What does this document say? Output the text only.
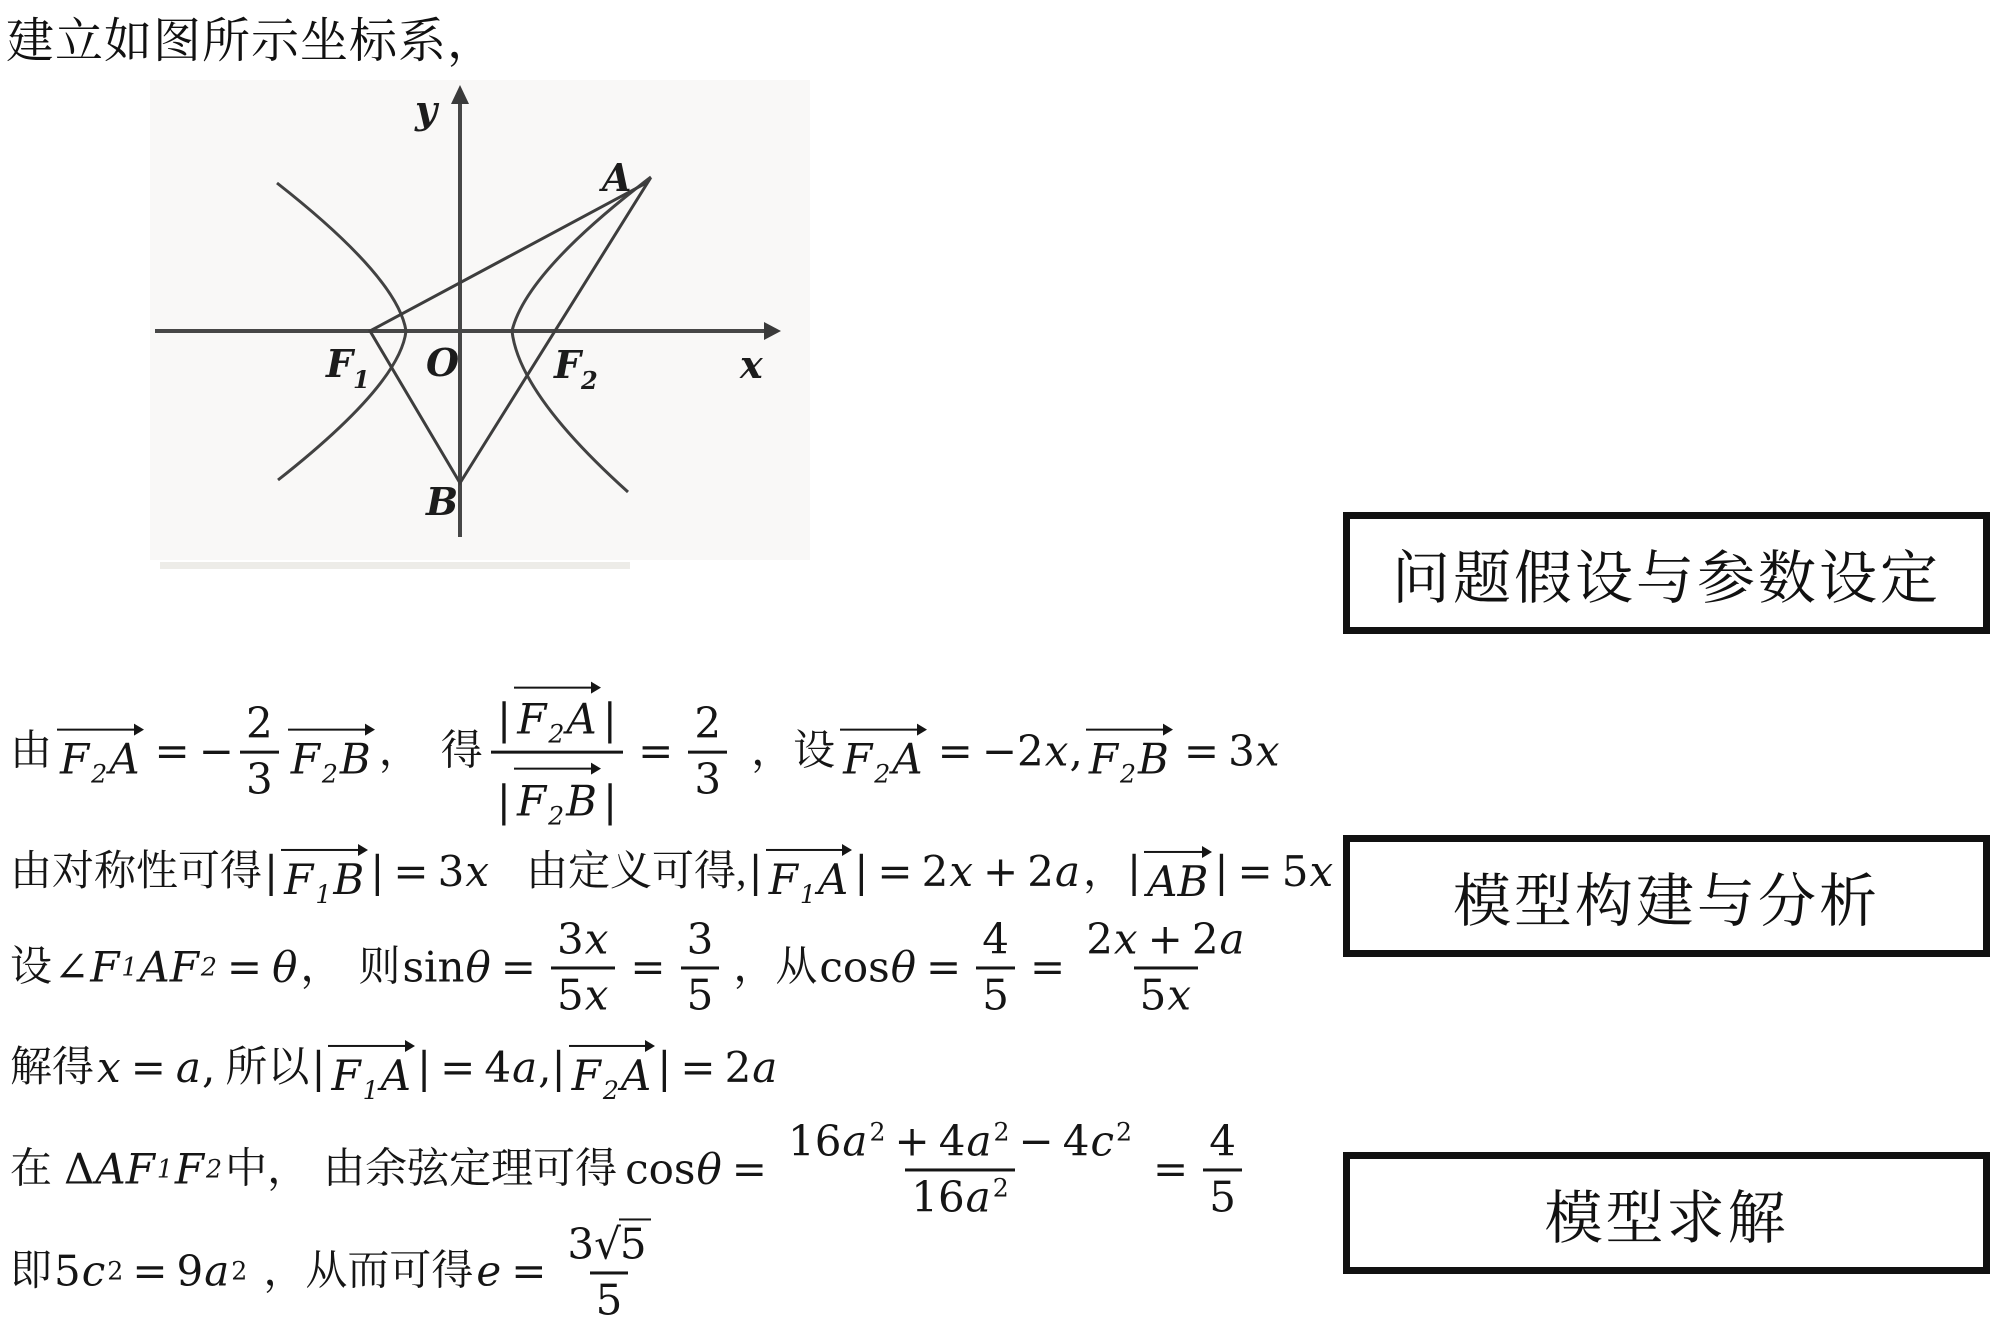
建立如图所示坐标系，
y
x
A
O
B
$F_1$	$F_2$
由 $F_2A$ = − $\frac{2}{3} F_2B$ ， 得 $\frac{| F_2A |}{| F_2B |} = \frac{2}{3}$ ，设 $F_2A = -2$ x , $F_2B = 3$ x
由对称性可得 | $F_1B$ | = 3 x 由定义可得, | $F_1A$ | = 2 x + 2 a ， | AB | = 5 x
设 ∠ F 1 AF 2 = θ ， 则 $\sin \theta = \frac{3x}{5x} = \frac{3}{5}$ ，从 $\cos \theta = \frac{4}{5} = \frac{2x + 2a}{5x}$
解得 x = a , 所以 | $F_1A$ | = 4 a , | $F_2A$ | = 2 a
在 Δ AF 1 F 2 中， 由余弦定理可得 $\cos \theta = \frac{16a^2 + 4a^2 - 4c^2}{16a^2} = \frac{4}{5}$
即 5 c 2 = 9 a 2 ，从而可得 $e = \frac{3 √ 5}{5}$
问题假设与参数设定
模型构建与分析
模型求解
